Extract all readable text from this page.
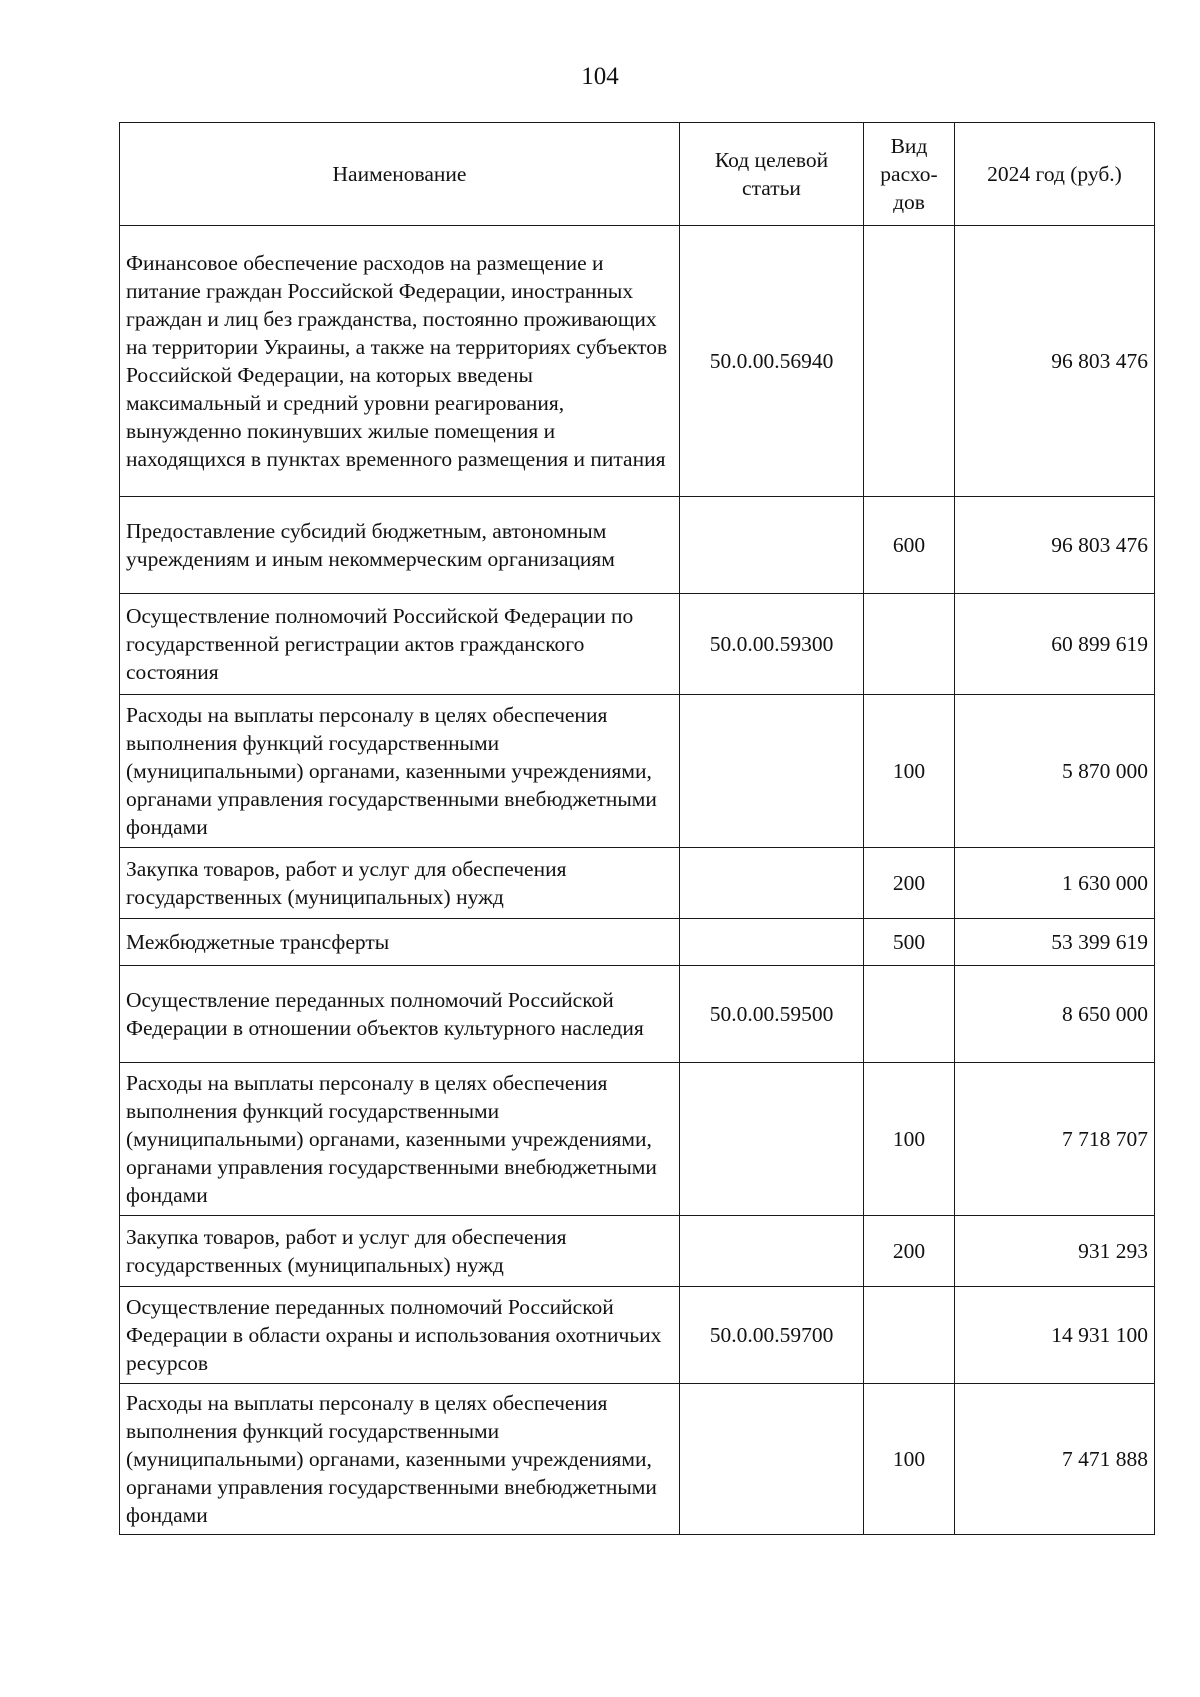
104
Наименование	Код целевой статьи	Вид расхо-дов	2024 год (руб.)
Финансовое обеспечение расходов на размещение и питание граждан Российской Федерации, иностранных граждан и лиц без гражданства, постоянно проживающих на территории Украины, а также на территориях субъектов Российской Федерации, на которых введены максимальный и средний уровни реагирования, вынужденно покинувших жилые помещения и находящихся в пунктах временного размещения и питания	50.0.00.56940		96 803 476
Предоставление субсидий бюджетным, автономным учреждениям и иным некоммерческим организациям		600	96 803 476
Осуществление полномочий Российской Федерации по государственной регистрации актов гражданского состояния	50.0.00.59300		60 899 619
Расходы на выплаты персоналу в целях обеспечения выполнения функций государственными (муниципальными) органами, казенными учреждениями, органами управления государственными внебюджетными фондами		100	5 870 000
Закупка товаров, работ и услуг для обеспечения государственных (муниципальных) нужд		200	1 630 000
Межбюджетные трансферты		500	53 399 619
Осуществление переданных полномочий Российской Федерации в отношении объектов культурного наследия	50.0.00.59500		8 650 000
Расходы на выплаты персоналу в целях обеспечения выполнения функций государственными (муниципальными) органами, казенными учреждениями, органами управления государственными внебюджетными фондами		100	7 718 707
Закупка товаров, работ и услуг для обеспечения государственных (муниципальных) нужд		200	931 293
Осуществление переданных полномочий Российской Федерации в области охраны и использования охотничьих ресурсов	50.0.00.59700		14 931 100
Расходы на выплаты персоналу в целях обеспечения выполнения функций государственными (муниципальными) органами, казенными учреждениями, органами управления государственными внебюджетными фондами		100	7 471 888
